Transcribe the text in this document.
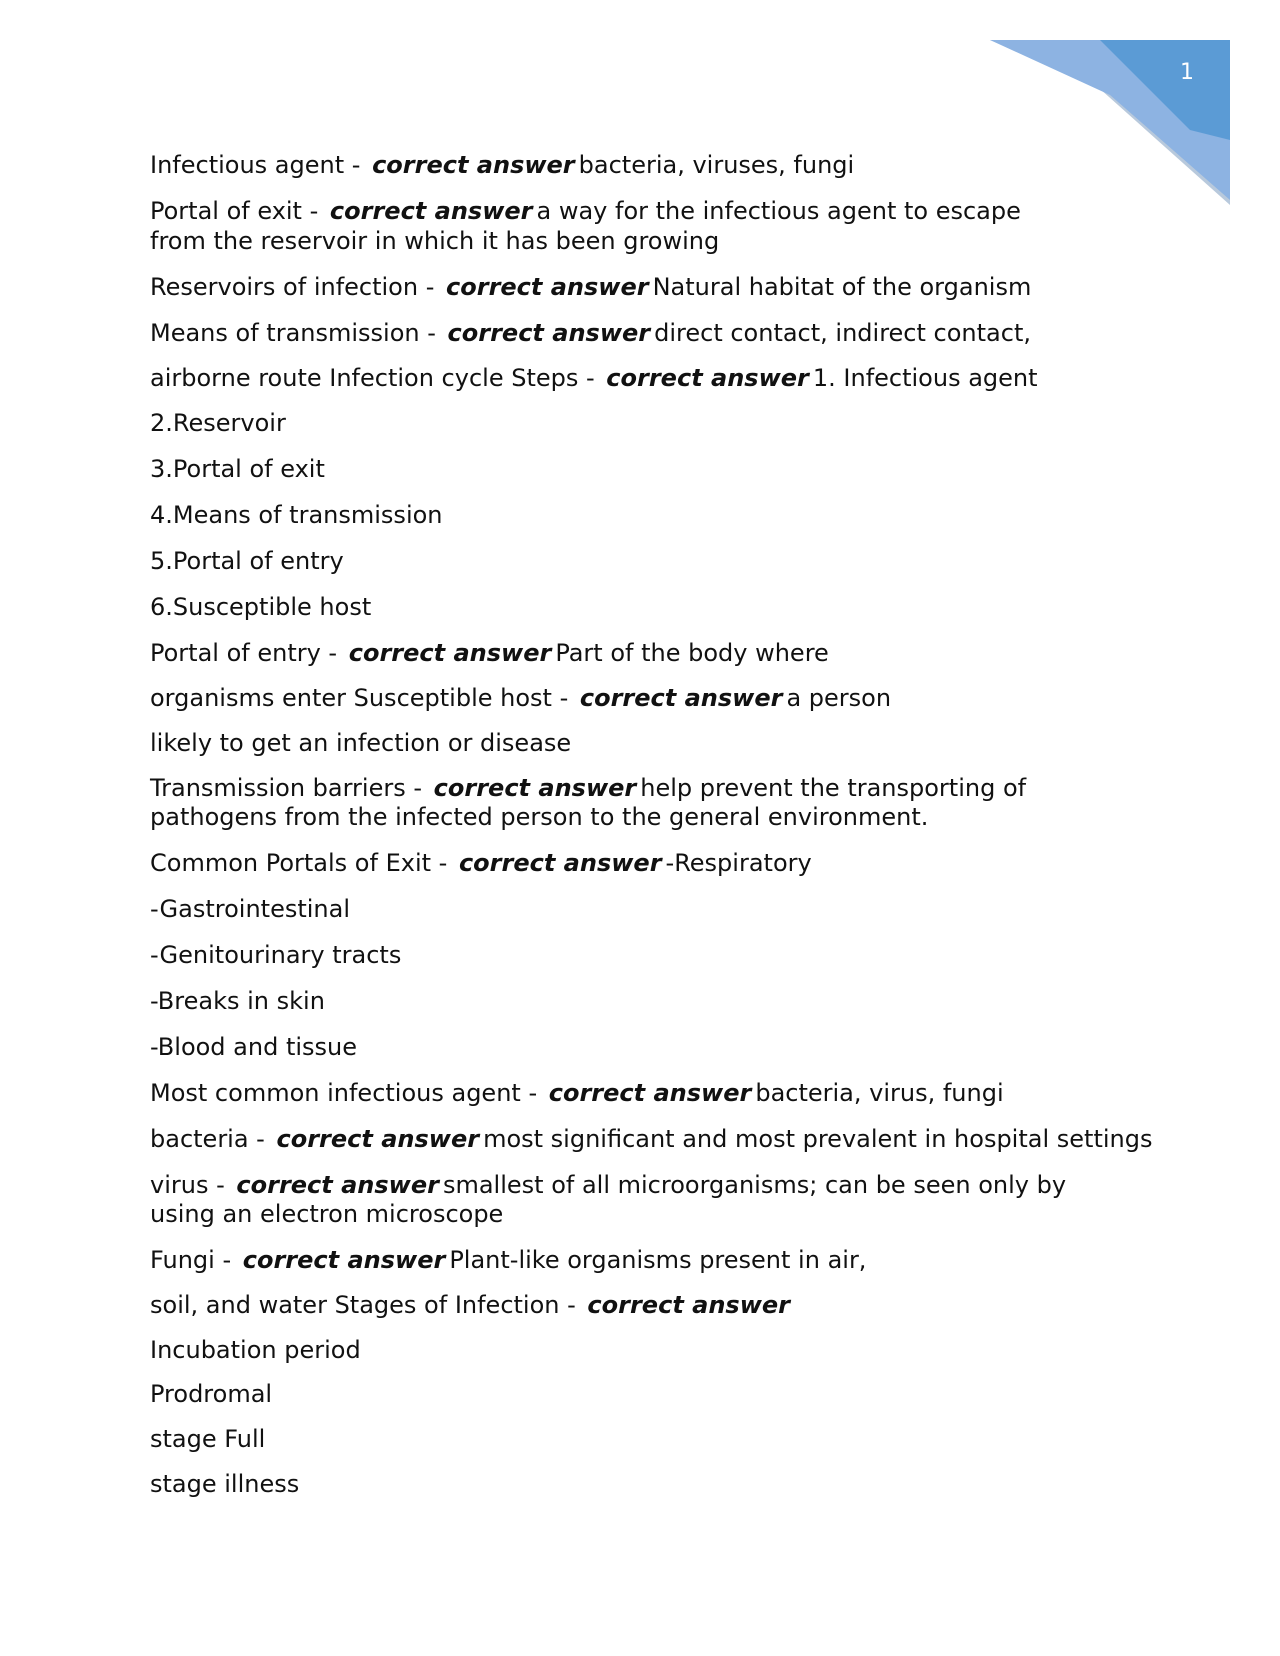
1
Infectious agent - correct answer bacteria, viruses, fungi
Portal of exit - correct answer a way for the infectious agent to escape
from the reservoir in which it has been growing
Reservoirs of infection - correct answer Natural habitat of the organism
Means of transmission - correct answer direct contact, indirect contact,
airborne route Infection cycle Steps - correct answer 1. Infectious agent
2.Reservoir
3.Portal of exit
4.Means of transmission
5.Portal of entry
6.Susceptible host
Portal of entry - correct answer Part of the body where
organisms enter Susceptible host - correct answer a person
likely to get an infection or disease
Transmission barriers - correct answer help prevent the transporting of
pathogens from the infected person to the general environment.
Common Portals of Exit - correct answer -Respiratory
-Gastrointestinal
-Genitourinary tracts
-Breaks in skin
-Blood and tissue
Most common infectious agent - correct answer bacteria, virus, fungi
bacteria - correct answer most significant and most prevalent in hospital settings
virus - correct answer smallest of all microorganisms; can be seen only by
using an electron microscope
Fungi - correct answer Plant-like organisms present in air,
soil, and water Stages of Infection - correct answer
Incubation period
Prodromal
stage Full
stage illness
